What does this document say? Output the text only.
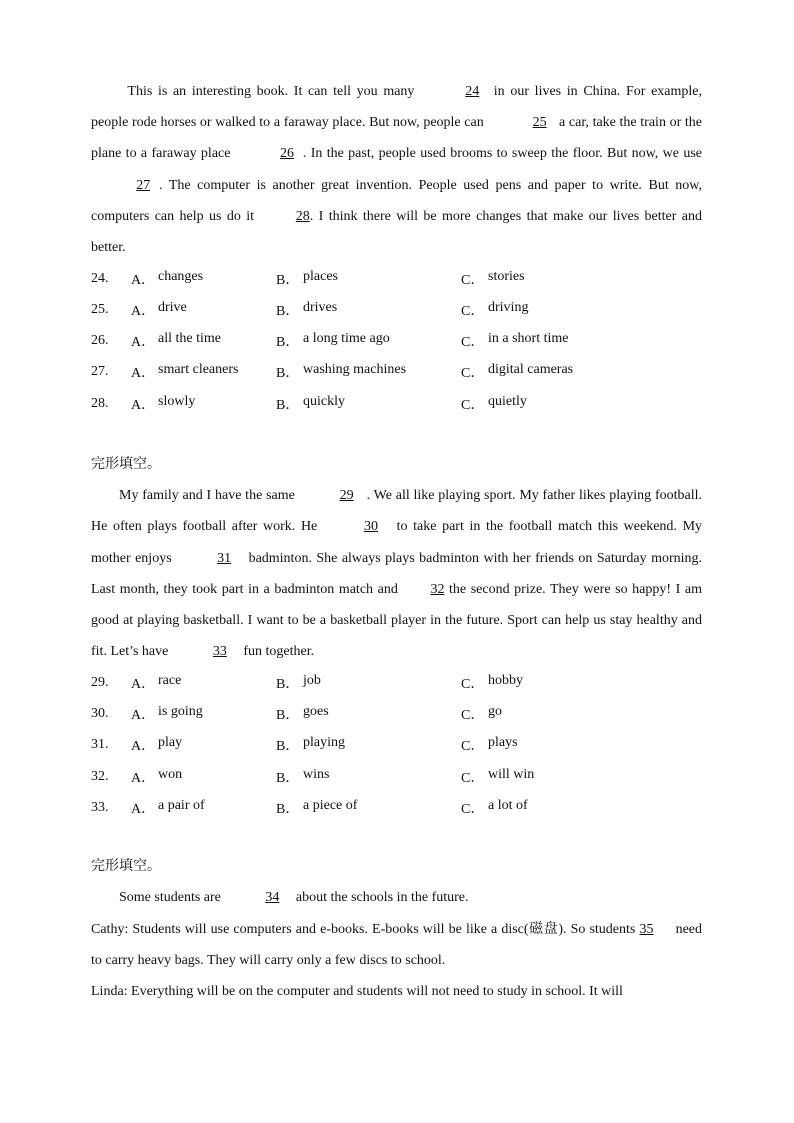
This is an interesting book. It can tell you many	24 in our lives in China. For example, people rode horses or walked to a faraway place. But now, people can	25 a car, take the train or the plane to a faraway place	26 . In the past, people used brooms to sweep the floor. But now, we use 27 . The computer is another great invention. People used pens and paper to write. But now, computers can help us do it	28. I think there will be more changes that make our lives better and better.

24.	A． changes	B． places	C． stories
25.	A． drive	B． drives	C． driving
26.	A． all the time	B． a long time ago	C． in a short time
27.	A． smart cleaners	B． washing machines	C． digital cameras
28.	A． slowly	B． quickly	C． quietly

完形填空。

My family and I have the same	29 . We all like playing sport. My father likes playing football. He often plays football after work. He	30 to take part in the football match this weekend. My mother enjoys	31 badminton. She always plays badminton with her friends on Saturday morning. Last month, they took part in a badminton match and 32 the second prize. They were so happy! I am good at playing basketball. I want to be a basketball player in the future. Sport can help us stay healthy and fit. Let’s have	33 fun together.

29.	A． race	B． job	C． hobby
30.	A． is going	B． goes	C． go
31.	A． play	B． playing	C． plays
32.	A． won	B． wins	C． will win
33.	A． a pair of	B． a piece of	C． a lot of

完形填空。

Some students are	34 about the schools in the future.

Cathy: Students will use computers and e-books. E-books will be like a disc(磁盘). So students 35 need to carry heavy bags. They will carry only a few discs to school.

Linda: Everything will be on the computer and students will not need to study in school. It will
